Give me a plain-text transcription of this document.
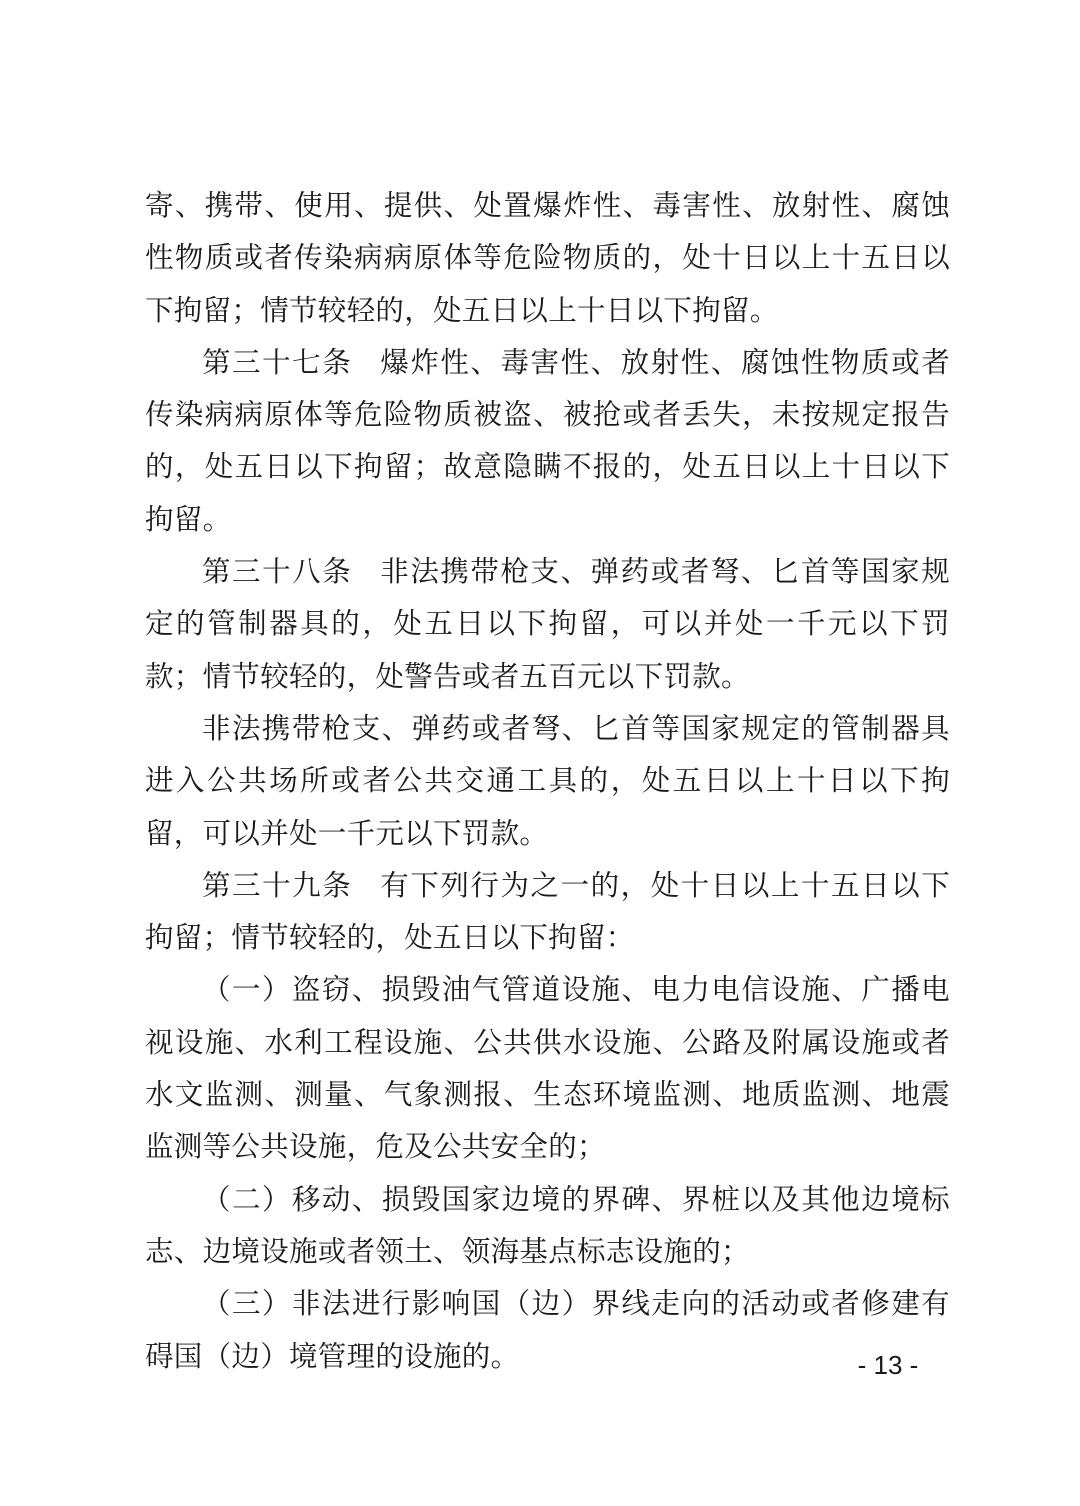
寄、携带、使用、提供、处置爆炸性、毒害性、放射性、腐蚀性物质或者传染病病原体等危险物质的，处十日以上十五日以下拘留；情节较轻的，处五日以上十日以下拘留。

第三十七条 爆炸性、毒害性、放射性、腐蚀性物质或者传染病病原体等危险物质被盗、被抢或者丢失，未按规定报告的，处五日以下拘留；故意隐瞒不报的，处五日以上十日以下拘留。

第三十八条 非法携带枪支、弹药或者弩、匕首等国家规定的管制器具的，处五日以下拘留，可以并处一千元以下罚款；情节较轻的，处警告或者五百元以下罚款。

非法携带枪支、弹药或者弩、匕首等国家规定的管制器具进入公共场所或者公共交通工具的，处五日以上十日以下拘留，可以并处一千元以下罚款。

第三十九条 有下列行为之一的，处十日以上十五日以下拘留；情节较轻的，处五日以下拘留：

（一）盗窃、损毁油气管道设施、电力电信设施、广播电视设施、水利工程设施、公共供水设施、公路及附属设施或者水文监测、测量、气象测报、生态环境监测、地质监测、地震监测等公共设施，危及公共安全的；

（二）移动、损毁国家边境的界碑、界桩以及其他边境标志、边境设施或者领土、领海基点标志设施的；

（三）非法进行影响国（边）界线走向的活动或者修建有碍国（边）境管理的设施的。	- 13 -
